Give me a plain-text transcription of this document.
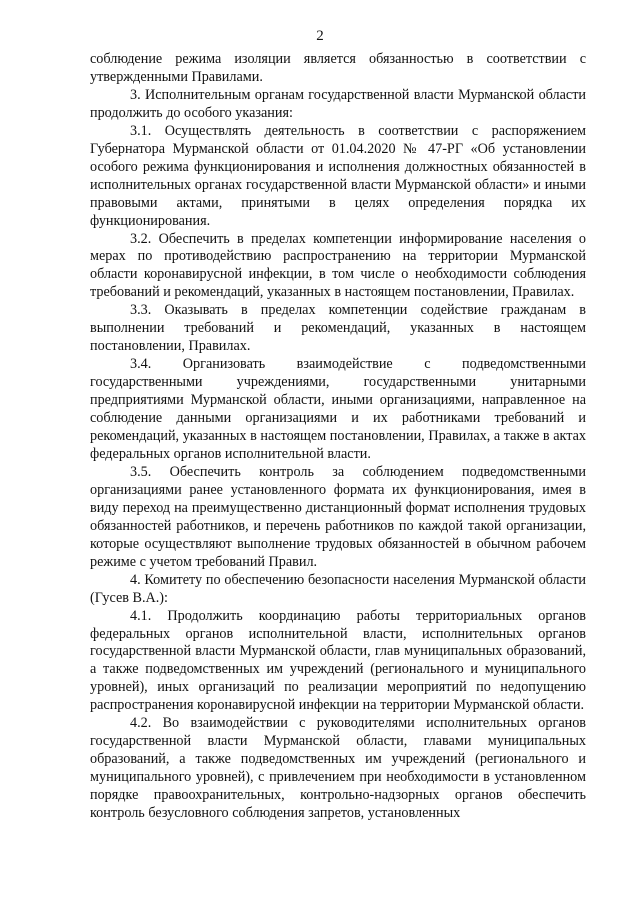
2

соблюдение режима изоляции является обязанностью в соответствии с утвержденными Правилами.

3. Исполнительным органам государственной власти Мурманской области продолжить до особого указания:

3.1. Осуществлять деятельность в соответствии с распоряжением Губернатора Мурманской области от 01.04.2020 № 47-РГ «Об установлении особого режима функционирования и исполнения должностных обязанностей в исполнительных органах государственной власти Мурманской области» и иными правовыми актами, принятыми в целях определения порядка их функционирования.

3.2. Обеспечить в пределах компетенции информирование населения о мерах по противодействию распространению на территории Мурманской области коронавирусной инфекции, в том числе о необходимости соблюдения требований и рекомендаций, указанных в настоящем постановлении, Правилах.

3.3. Оказывать в пределах компетенции содействие гражданам в выполнении требований и рекомендаций, указанных в настоящем постановлении, Правилах.

3.4. Организовать взаимодействие с подведомственными государственными учреждениями, государственными унитарными предприятиями Мурманской области, иными организациями, направленное на соблюдение данными организациями и их работниками требований и рекомендаций, указанных в настоящем постановлении, Правилах, а также в актах федеральных органов исполнительной власти.

3.5. Обеспечить контроль за соблюдением подведомственными организациями ранее установленного формата их функционирования, имея в виду переход на преимущественно дистанционный формат исполнения трудовых обязанностей работников, и перечень работников по каждой такой организации, которые осуществляют выполнение трудовых обязанностей в обычном рабочем режиме с учетом требований Правил.

4. Комитету по обеспечению безопасности населения Мурманской области (Гусев В.А.):

4.1. Продолжить координацию работы территориальных органов федеральных органов исполнительной власти, исполнительных органов государственной власти Мурманской области, глав муниципальных образований, а также подведомственных им учреждений (регионального и муниципального уровней), иных организаций по реализации мероприятий по недопущению распространения коронавирусной инфекции на территории Мурманской области.

4.2. Во взаимодействии с руководителями исполнительных органов государственной власти Мурманской области, главами муниципальных образований, а также подведомственных им учреждений (регионального и муниципального уровней), с привлечением при необходимости в установленном порядке правоохранительных, контрольно-надзорных органов обеспечить контроль безусловного соблюдения запретов, установленных
